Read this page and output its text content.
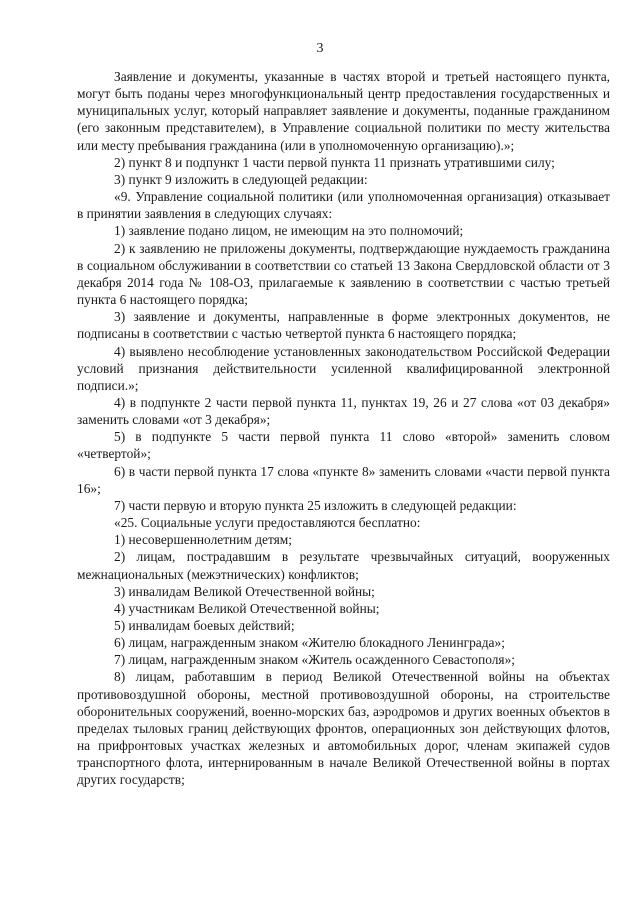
3

Заявление и документы, указанные в частях второй и третьей настоящего пункта, могут быть поданы через многофункциональный центр предоставления государственных и муниципальных услуг, который направляет заявление и документы, поданные гражданином (его законным представителем), в Управление социальной политики по месту жительства или месту пребывания гражданина (или в уполномоченную организацию).»;

2) пункт 8 и подпункт 1 части первой пункта 11 признать утратившими силу;

3) пункт 9 изложить в следующей редакции:

«9. Управление социальной политики (или уполномоченная организация) отказывает в принятии заявления в следующих случаях:

1) заявление подано лицом, не имеющим на это полномочий;

2) к заявлению не приложены документы, подтверждающие нуждаемость гражданина в социальном обслуживании в соответствии со статьей 13 Закона Свердловской области от 3 декабря 2014 года № 108-ОЗ, прилагаемые к заявлению в соответствии с частью третьей пункта 6 настоящего порядка;

3) заявление и документы, направленные в форме электронных документов, не подписаны в соответствии с частью четвертой пункта 6 настоящего порядка;

4) выявлено несоблюдение установленных законодательством Российской Федерации условий признания действительности усиленной квалифицированной электронной подписи.»;

4) в подпункте 2 части первой пункта 11, пунктах 19, 26 и 27 слова «от 03 декабря» заменить словами «от 3 декабря»;

5) в подпункте 5 части первой пункта 11 слово «второй» заменить словом «четвертой»;

6) в части первой пункта 17 слова «пункте 8» заменить словами «части первой пункта 16»;

7) части первую и вторую пункта 25 изложить в следующей редакции:

«25. Социальные услуги предоставляются бесплатно:

1) несовершеннолетним детям;

2) лицам, пострадавшим в результате чрезвычайных ситуаций, вооруженных межнациональных (межэтнических) конфликтов;

3) инвалидам Великой Отечественной войны;

4) участникам Великой Отечественной войны;

5) инвалидам боевых действий;

6) лицам, награжденным знаком «Жителю блокадного Ленинграда»;

7) лицам, награжденным знаком «Житель осажденного Севастополя»;

8) лицам, работавшим в период Великой Отечественной войны на объектах противовоздушной обороны, местной противовоздушной обороны, на строительстве оборонительных сооружений, военно-морских баз, аэродромов и других военных объектов в пределах тыловых границ действующих фронтов, операционных зон действующих флотов, на прифронтовых участках железных и автомобильных дорог, членам экипажей судов транспортного флота, интернированным в начале Великой Отечественной войны в портах других государств;
